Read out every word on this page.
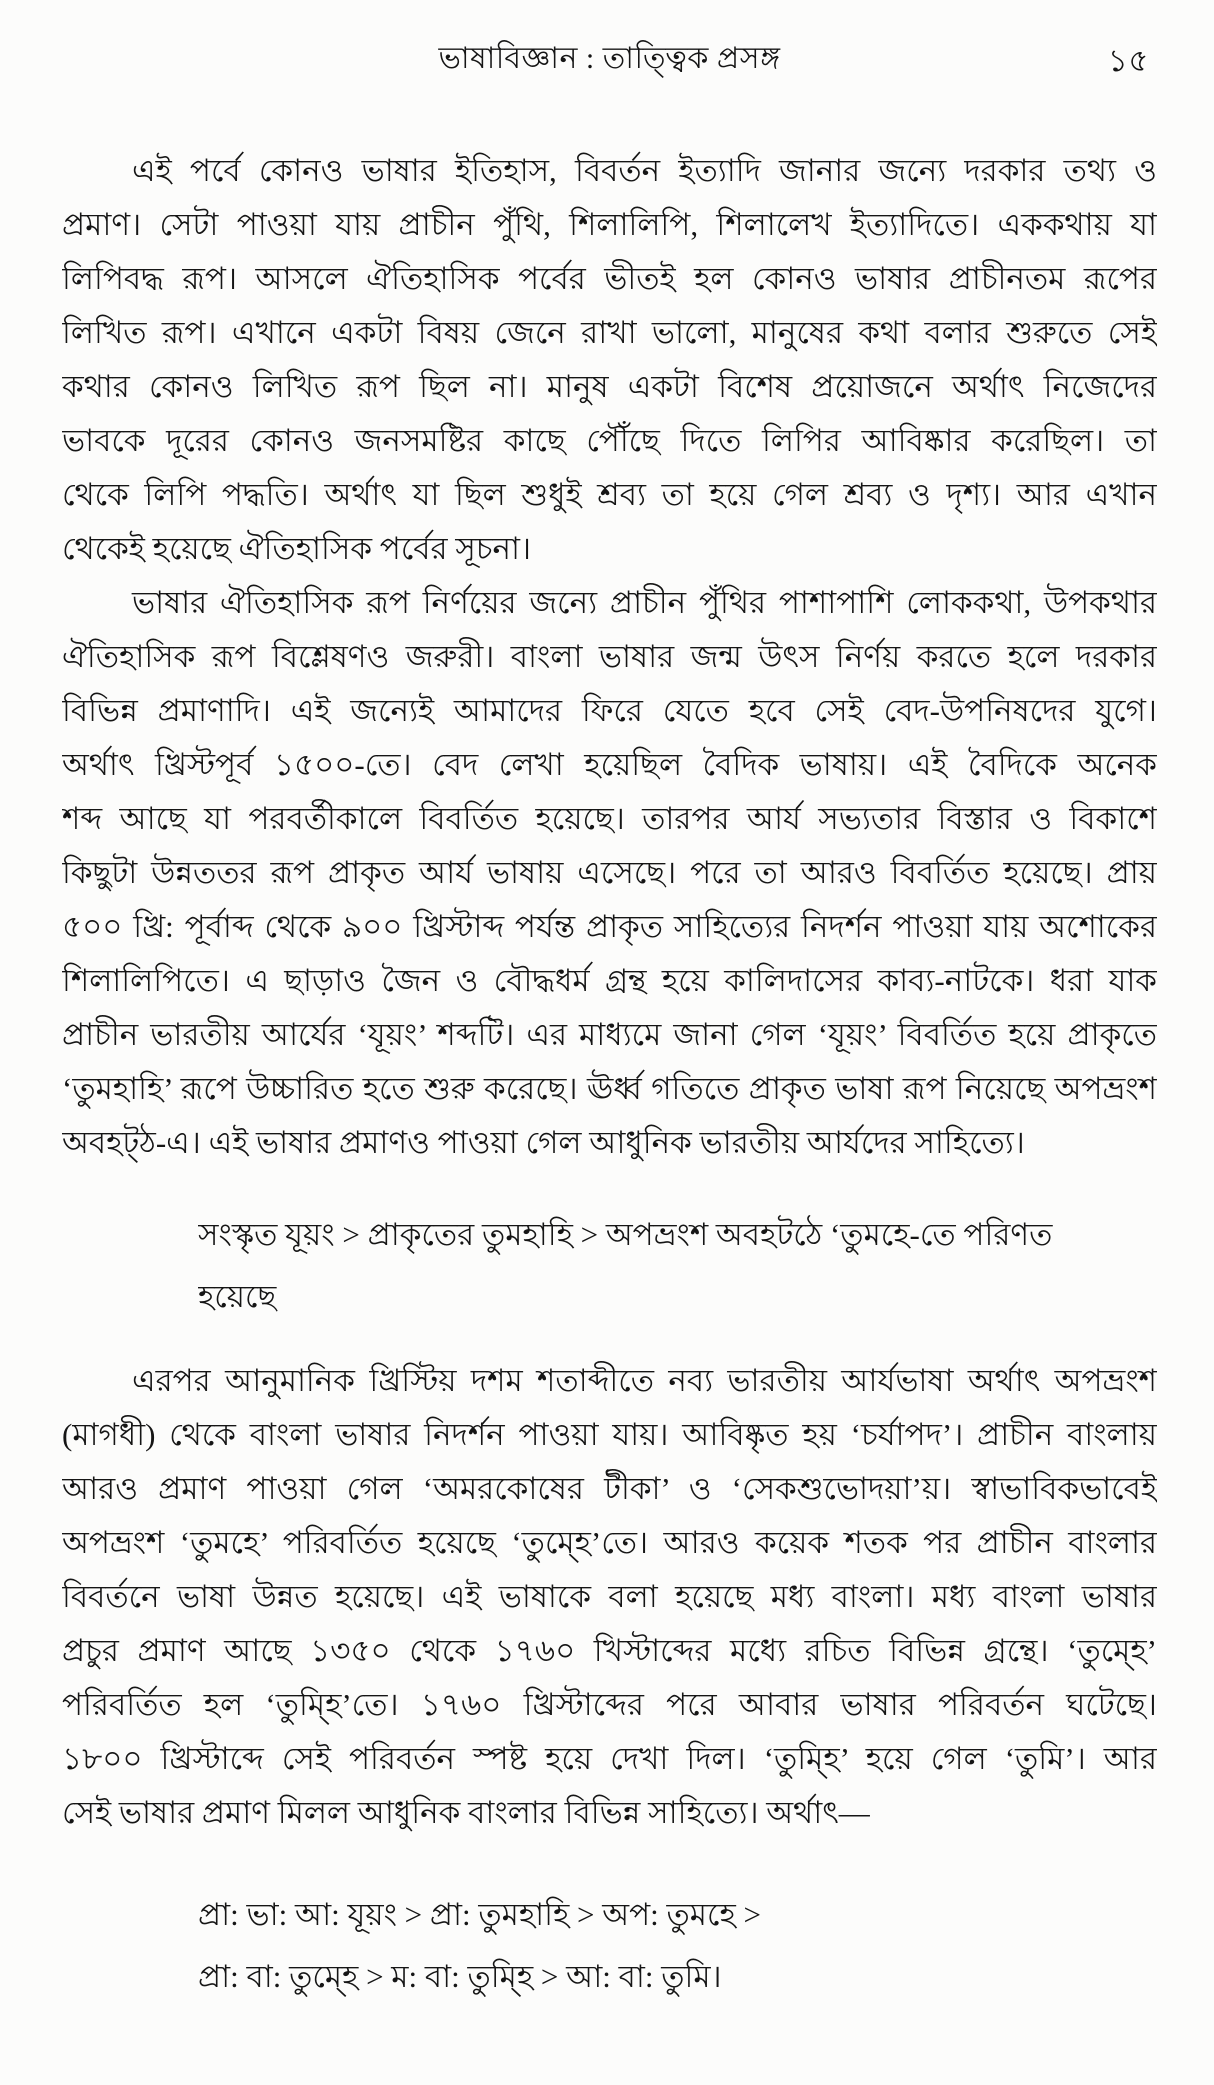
ভাষাবিজ্ঞান : তাত্ত্বিক প্রসঙ্গ	১৫
এই পর্বে কোনও ভাষার ইতিহাস, বিবর্তন ইত্যাদি জানার জন্যে দরকার তথ্য ও
প্রমাণ। সেটা পাওয়া যায় প্রাচীন পুঁথি, শিলালিপি, শিলালেখ ইত্যাদিতে। এককথায় যা
লিপিবদ্ধ রূপ। আসলে ঐতিহাসিক পর্বের ভীতই হল কোনও ভাষার প্রাচীনতম রূপের
লিখিত রূপ। এখানে একটা বিষয় জেনে রাখা ভালো, মানুষের কথা বলার শুরুতে সেই
কথার কোনও লিখিত রূপ ছিল না। মানুষ একটা বিশেষ প্রয়োজনে অর্থাৎ নিজেদের
ভাবকে দূরের কোনও জনসমষ্টির কাছে পৌঁছে দিতে লিপির আবিষ্কার করেছিল। তা
থেকে লিপি পদ্ধতি। অর্থাৎ যা ছিল শুধুই শ্রব্য তা হয়ে গেল শ্রব্য ও দৃশ্য। আর এখান
থেকেই হয়েছে ঐতিহাসিক পর্বের সূচনা।
ভাষার ঐতিহাসিক রূপ নির্ণয়ের জন্যে প্রাচীন পুঁথির পাশাপাশি লোককথা, উপকথার
ঐতিহাসিক রূপ বিশ্লেষণও জরুরী। বাংলা ভাষার জন্ম উৎস নির্ণয় করতে হলে দরকার
বিভিন্ন প্রমাণাদি। এই জন্যেই আমাদের ফিরে যেতে হবে সেই বেদ-উপনিষদের যুগে।
অর্থাৎ খ্রিস্টপূর্ব ১৫০০-তে। বেদ লেখা হয়েছিল বৈদিক ভাষায়। এই বৈদিকে অনেক
শব্দ আছে যা পরবর্তীকালে বিবর্তিত হয়েছে। তারপর আর্য সভ্যতার বিস্তার ও বিকাশে
কিছুটা উন্নততর রূপ প্রাকৃত আর্য ভাষায় এসেছে। পরে তা আরও বিবর্তিত হয়েছে। প্রায়
৫০০ খ্রি: পূর্বাব্দ থেকে ৯০০ খ্রিস্টাব্দ পর্যন্ত প্রাকৃত সাহিত্যের নিদর্শন পাওয়া যায় অশোকের
শিলালিপিতে। এ ছাড়াও জৈন ও বৌদ্ধধর্ম গ্রন্থ হয়ে কালিদাসের কাব্য-নাটকে। ধরা যাক
প্রাচীন ভারতীয় আর্যের ‘যূয়ং’ শব্দটি। এর মাধ্যমে জানা গেল ‘যূয়ং’ বিবর্তিত হয়ে প্রাকৃতে
‘তুমহাহি’ রূপে উচ্চারিত হতে শুরু করেছে। ঊর্ধ্ব গতিতে প্রাকৃত ভাষা রূপ নিয়েছে অপভ্রংশ
অবহট্ঠ-এ। এই ভাষার প্রমাণও পাওয়া গেল আধুনিক ভারতীয় আর্যদের সাহিত্যে।
সংস্কৃত যূয়ং > প্রাকৃতের তুমহাহি > অপভ্রংশ অবহটঠে ‘তুমহে-তে পরিণত
হয়েছে
এরপর আনুমানিক খ্রিস্টিয় দশম শতাব্দীতে নব্য ভারতীয় আর্যভাষা অর্থাৎ অপভ্রংশ
(মাগধী) থেকে বাংলা ভাষার নিদর্শন পাওয়া যায়। আবিষ্কৃত হয় ‘চর্যাপদ’। প্রাচীন বাংলায়
আরও প্রমাণ পাওয়া গেল ‘অমরকোষের টীকা’ ও ‘সেকশুভোদয়া’য়। স্বাভাবিকভাবেই
অপভ্রংশ ‘তুমহে’ পরিবর্তিত হয়েছে ‘তুম্হে’তে। আরও কয়েক শতক পর প্রাচীন বাংলার
বিবর্তনে ভাষা উন্নত হয়েছে। এই ভাষাকে বলা হয়েছে মধ্য বাংলা। মধ্য বাংলা ভাষার
প্রচুর প্রমাণ আছে ১৩৫০ থেকে ১৭৬০ খিস্টাব্দের মধ্যে রচিত বিভিন্ন গ্রন্থে। ‘তুম্হে’
পরিবর্তিত হল ‘তুম্হি’তে। ১৭৬০ খ্রিস্টাব্দের পরে আবার ভাষার পরিবর্তন ঘটেছে।
১৮০০ খ্রিস্টাব্দে সেই পরিবর্তন স্পষ্ট হয়ে দেখা দিল। ‘তুম্হি’ হয়ে গেল ‘তুমি’। আর
সেই ভাষার প্রমাণ মিলল আধুনিক বাংলার বিভিন্ন সাহিত্যে। অর্থাৎ—
প্রা: ভা: আ: যূয়ং > প্রা: তুমহাহি > অপ: তুমহে >
প্রা: বা: তুম্হে > ম: বা: তুম্হি > আ: বা: তুমি।
